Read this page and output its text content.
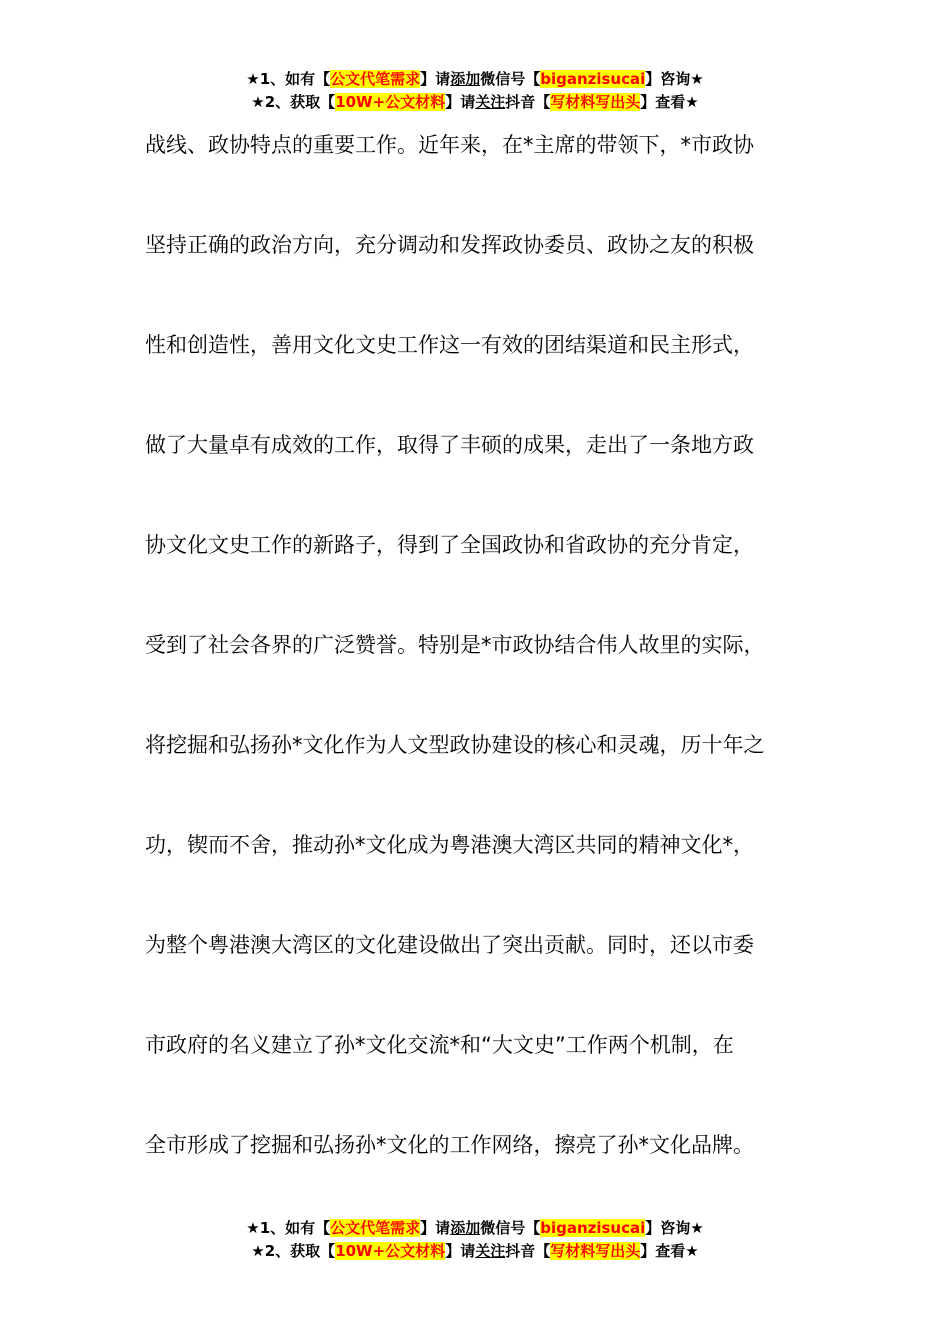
★1、如有【公文代笔需求】请添加微信号【biganzisucai】咨询★
★2、获取【10W+公文材料】请关注抖音【写材料写出头】查看★
战线、政协特点的重要工作。近年来，在*主席的带领下，*市政协
坚持正确的政治方向，充分调动和发挥政协委员、政协之友的积极
性和创造性，善用文化文史工作这一有效的团结渠道和民主形式，
做了大量卓有成效的工作，取得了丰硕的成果，走出了一条地方政
协文化文史工作的新路子，得到了全国政协和省政协的充分肯定，
受到了社会各界的广泛赞誉。特别是*市政协结合伟人故里的实际，
将挖掘和弘扬孙*文化作为人文型政协建设的核心和灵魂，历十年之
功，锲而不舍，推动孙*文化成为粤港澳大湾区共同的精神文化*，
为整个粤港澳大湾区的文化建设做出了突出贡献。同时，还以市委
市政府的名义建立了孙*文化交流*和“大文史”工作两个机制，在
全市形成了挖掘和弘扬孙*文化的工作网络，擦亮了孙*文化品牌。
★1、如有【公文代笔需求】请添加微信号【biganzisucai】咨询★
★2、获取【10W+公文材料】请关注抖音【写材料写出头】查看★
